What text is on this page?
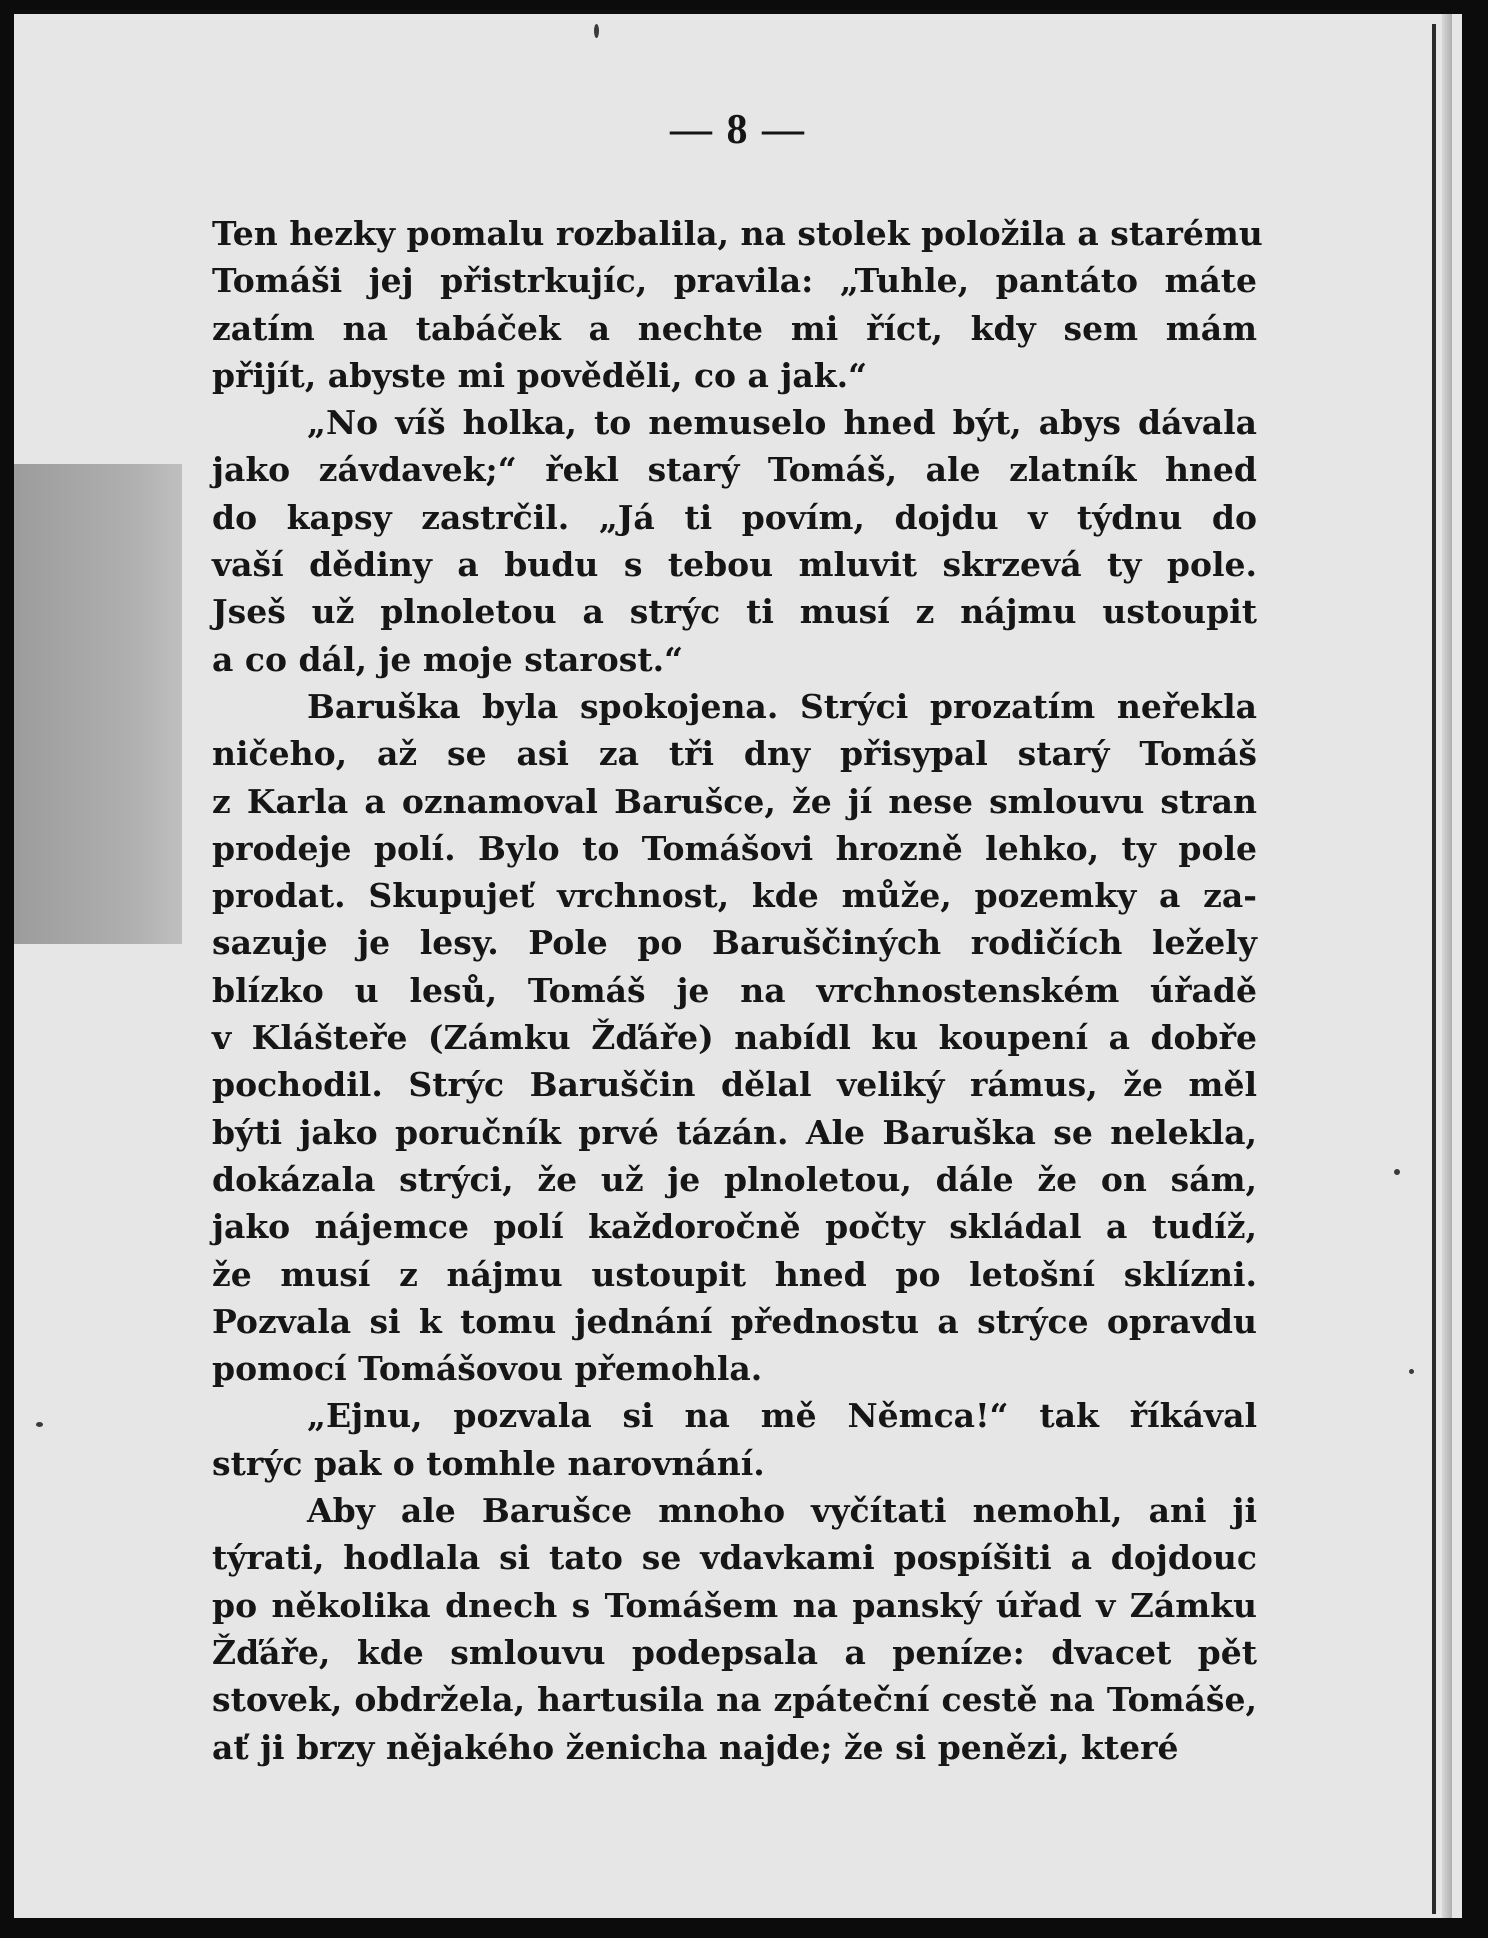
— 8 —
Ten hezky pomalu rozbalila, na stolek položila a starému
Tomáši jej přistrkujíc, pravila: „Tuhle, pantáto máte
zatím na tabáček a nechte mi říct, kdy sem mám
přijít, abyste mi pověděli, co a jak.“
„No víš holka, to nemuselo hned být, abys dávala
jako závdavek;“ řekl starý Tomáš, ale zlatník hned
do kapsy zastrčil. „Já ti povím, dojdu v týdnu do
vaší dědiny a budu s tebou mluvit skrzevá ty pole.
Jseš už plnoletou a strýc ti musí z nájmu ustoupit
a co dál, je moje starost.“
Baruška byla spokojena. Strýci prozatím neřekla
ničeho, až se asi za tři dny přisypal starý Tomáš
z Karla a oznamoval Barušce, že jí nese smlouvu stran
prodeje polí. Bylo to Tomášovi hrozně lehko, ty pole
prodat. Skupujeť vrchnost, kde může, pozemky a za-
sazuje je lesy. Pole po Baruščiných rodičích ležely
blízko u lesů, Tomáš je na vrchnostenském úřadě
v Klášteře (Zámku Žďáře) nabídl ku koupení a dobře
pochodil. Strýc Baruščin dělal veliký rámus, že měl
býti jako poručník prvé tázán. Ale Baruška se nelekla,
dokázala strýci, že už je plnoletou, dále že on sám,
jako nájemce polí každoročně počty skládal a tudíž,
že musí z nájmu ustoupit hned po letošní sklízni.
Pozvala si k tomu jednání přednostu a strýce opravdu
pomocí Tomášovou přemohla.
„Ejnu, pozvala si na mě Němca!“ tak říkával
strýc pak o tomhle narovnání.
Aby ale Barušce mnoho vyčítati nemohl, ani ji
týrati, hodlala si tato se vdavkami pospíšiti a dojdouc
po několika dnech s Tomášem na panský úřad v Zámku
Žďáře, kde smlouvu podepsala a peníze: dvacet pět
stovek, obdržela, hartusila na zpáteční cestě na Tomáše,
ať ji brzy nějakého ženicha najde; že si penězi, které
